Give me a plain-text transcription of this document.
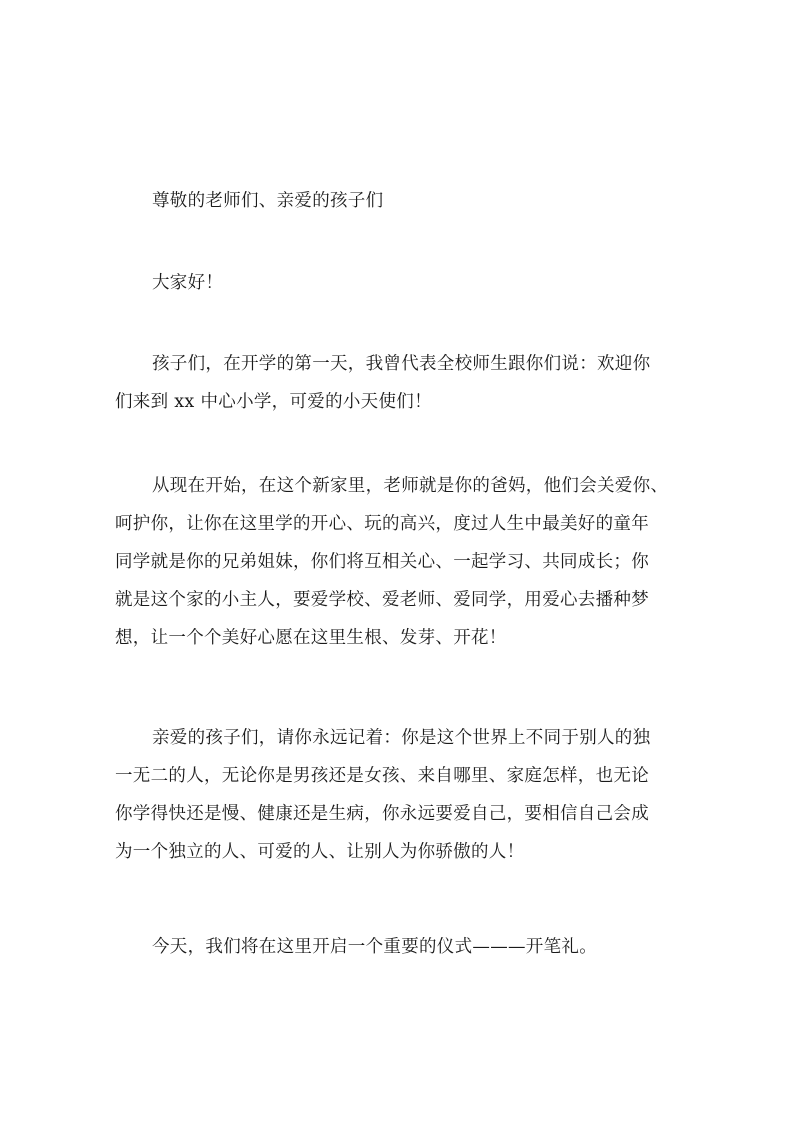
尊敬的老师们、亲爱的孩子们
大家好！
孩子们，在开学的第一天，我曾代表全校师生跟你们说：欢迎你
们来到 xx 中心小学，可爱的小天使们！
从现在开始，在这个新家里，老师就是你的爸妈，他们会关爱你、
呵护你，让你在这里学的开心、玩的高兴，度过人生中最美好的童年
同学就是你的兄弟姐妹，你们将互相关心、一起学习、共同成长；你
就是这个家的小主人，要爱学校、爱老师、爱同学，用爱心去播种梦
想，让一个个美好心愿在这里生根、发芽、开花！
亲爱的孩子们，请你永远记着：你是这个世界上不同于别人的独
一无二的人，无论你是男孩还是女孩、来自哪里、家庭怎样，也无论
你学得快还是慢、健康还是生病，你永远要爱自己，要相信自己会成
为一个独立的人、可爱的人、让别人为你骄傲的人！
今天，我们将在这里开启一个重要的仪式———开笔礼。
